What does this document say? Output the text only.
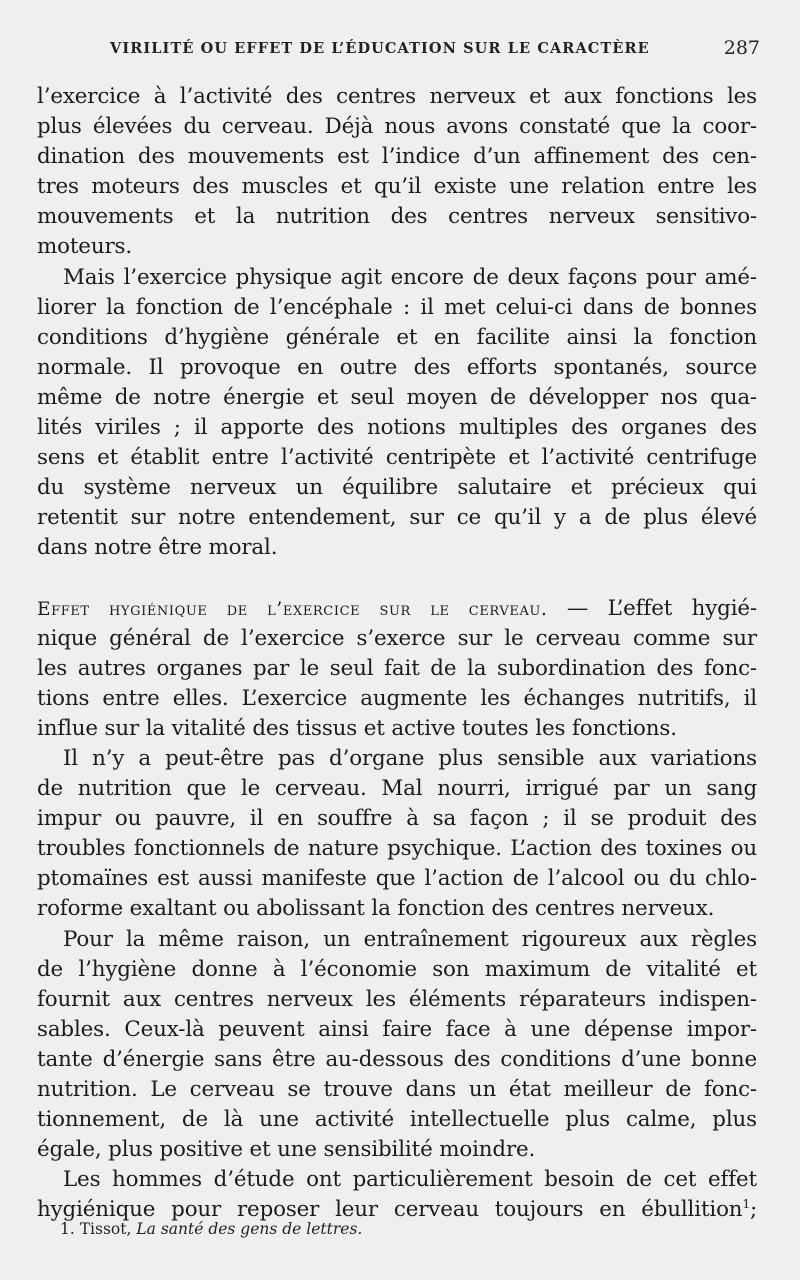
VIRILITÉ OU EFFET DE L’ÉDUCATION SUR LE CARACTÈRE	287
l’exercice à l’activité des centres nerveux et aux fonctions les
plus élevées du cerveau. Déjà nous avons constaté que la coor-
dination des mouvements est l’indice d’un affinement des cen-
tres moteurs des muscles et qu’il existe une relation entre les
mouvements et la nutrition des centres nerveux sensitivo-
moteurs.
Mais l’exercice physique agit encore de deux façons pour amé-
liorer la fonction de l’encéphale : il met celui-ci dans de bonnes
conditions d’hygiène générale et en facilite ainsi la fonction
normale. Il provoque en outre des efforts spontanés, source
même de notre énergie et seul moyen de développer nos qua-
lités viriles ; il apporte des notions multiples des organes des
sens et établit entre l’activité centripète et l’activité centrifuge
du système nerveux un équilibre salutaire et précieux qui
retentit sur notre entendement, sur ce qu’il y a de plus élevé
dans notre être moral.
Effet hygiénique de l’exercice sur le cerveau. — L’effet hygié-
nique général de l’exercice s’exerce sur le cerveau comme sur
les autres organes par le seul fait de la subordination des fonc-
tions entre elles. L’exercice augmente les échanges nutritifs, il
influe sur la vitalité des tissus et active toutes les fonctions.
Il n’y a peut-être pas d’organe plus sensible aux variations
de nutrition que le cerveau. Mal nourri, irrigué par un sang
impur ou pauvre, il en souffre à sa façon ; il se produit des
troubles fonctionnels de nature psychique. L’action des toxines ou
ptomaïnes est aussi manifeste que l’action de l’alcool ou du chlo-
roforme exaltant ou abolissant la fonction des centres nerveux.
Pour la même raison, un entraînement rigoureux aux règles
de l’hygiène donne à l’économie son maximum de vitalité et
fournit aux centres nerveux les éléments réparateurs indispen-
sables. Ceux-là peuvent ainsi faire face à une dépense impor-
tante d’énergie sans être au-dessous des conditions d’une bonne
nutrition. Le cerveau se trouve dans un état meilleur de fonc-
tionnement, de là une activité intellectuelle plus calme, plus
égale, plus positive et une sensibilité moindre.
Les hommes d’étude ont particulièrement besoin de cet effet
hygiénique pour reposer leur cerveau toujours en ébullition$^1$;
1. Tissot, La santé des gens de lettres.
